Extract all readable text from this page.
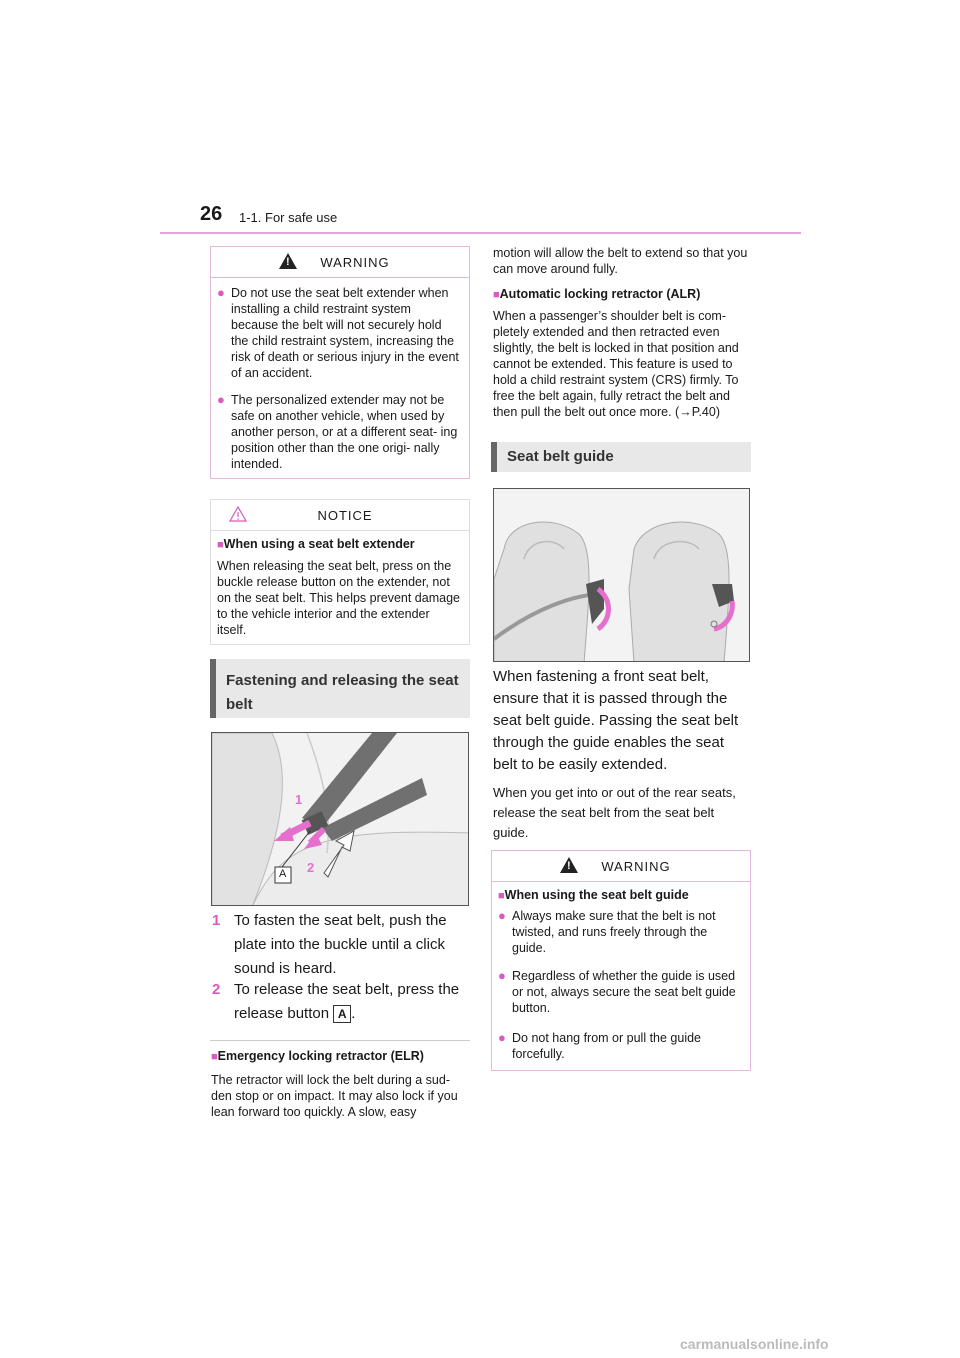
26 1-1. For safe use
!
WARNING
● Do not use the seat belt extender when installing a child restraint system because the belt will not securely hold the child restraint system, increasing the risk of death or serious injury in the event of an accident.
● The personalized extender may not be safe on another vehicle, when used by another person, or at a different seat- ing position other than the one origi- nally intended.
NOTICE
■When using a seat belt extender
When releasing the seat belt, press on the buckle release button on the extender, not on the seat belt. This helps prevent damage to the vehicle interior and the extender itself.
Fastening and releasing the seat belt
1
2
A
1 To fasten the seat belt, push the plate into the buckle until a click sound is heard.
2 To release the seat belt, press the release button A .
■Emergency locking retractor (ELR)
The retractor will lock the belt during a sud- den stop or on impact. It may also lock if you lean forward too quickly. A slow, easy
motion will allow the belt to extend so that you can move around fully.
■Automatic locking retractor (ALR)
When a passenger’s shoulder belt is com- pletely extended and then retracted even slightly, the belt is locked in that position and cannot be extended. This feature is used to hold a child restraint system (CRS) firmly. To free the belt again, fully retract the belt and then pull the belt out once more. (→P.40)
Seat belt guide
When fastening a front seat belt, ensure that it is passed through the seat belt guide. Passing the seat belt through the guide enables the seat belt to be easily extended.
When you get into or out of the rear seats, release the seat belt from the seat belt guide.
!
WARNING
■When using the seat belt guide
● Always make sure that the belt is not twisted, and runs freely through the guide.
● Regardless of whether the guide is used or not, always secure the seat belt guide button.
● Do not hang from or pull the guide forcefully.
carmanualsonline.info
